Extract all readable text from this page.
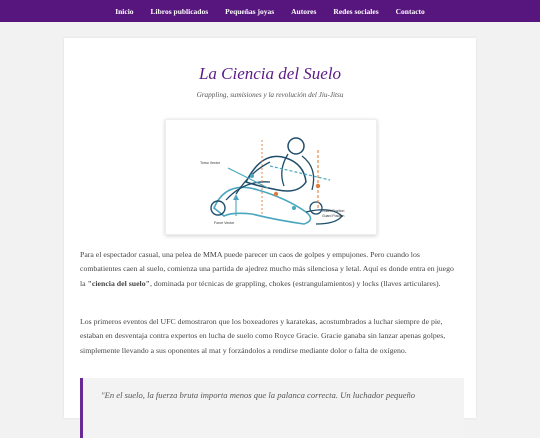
Inicio Libros publicados Pequeñas joyas Autores Redes sociales Contacto
La Ciencia del Suelo
Grappling, sumisiones y la revolución del Jiu-Jitsu
Torso Vector
Force Vector
Guard Position
Guard Position
Para el espectador casual, una pelea de MMA puede parecer un caos de golpes y empujones. Pero cuando los combatientes caen al suelo, comienza una partida de ajedrez mucho más silenciosa y letal. Aquí es donde entra en juego la "ciencia del suelo", dominada por técnicas de grappling, chokes (estrangulamientos) y locks (llaves articulares).
Los primeros eventos del UFC demostraron que los boxeadores y karatekas, acostumbrados a luchar siempre de pie, estaban en desventaja contra expertos en lucha de suelo como Royce Gracie. Gracie ganaba sin lanzar apenas golpes, simplemente llevando a sus oponentes al mat y forzándolos a rendirse mediante dolor o falta de oxígeno.
"En el suelo, la fuerza bruta importa menos que la palanca correcta. Un luchador pequeño
